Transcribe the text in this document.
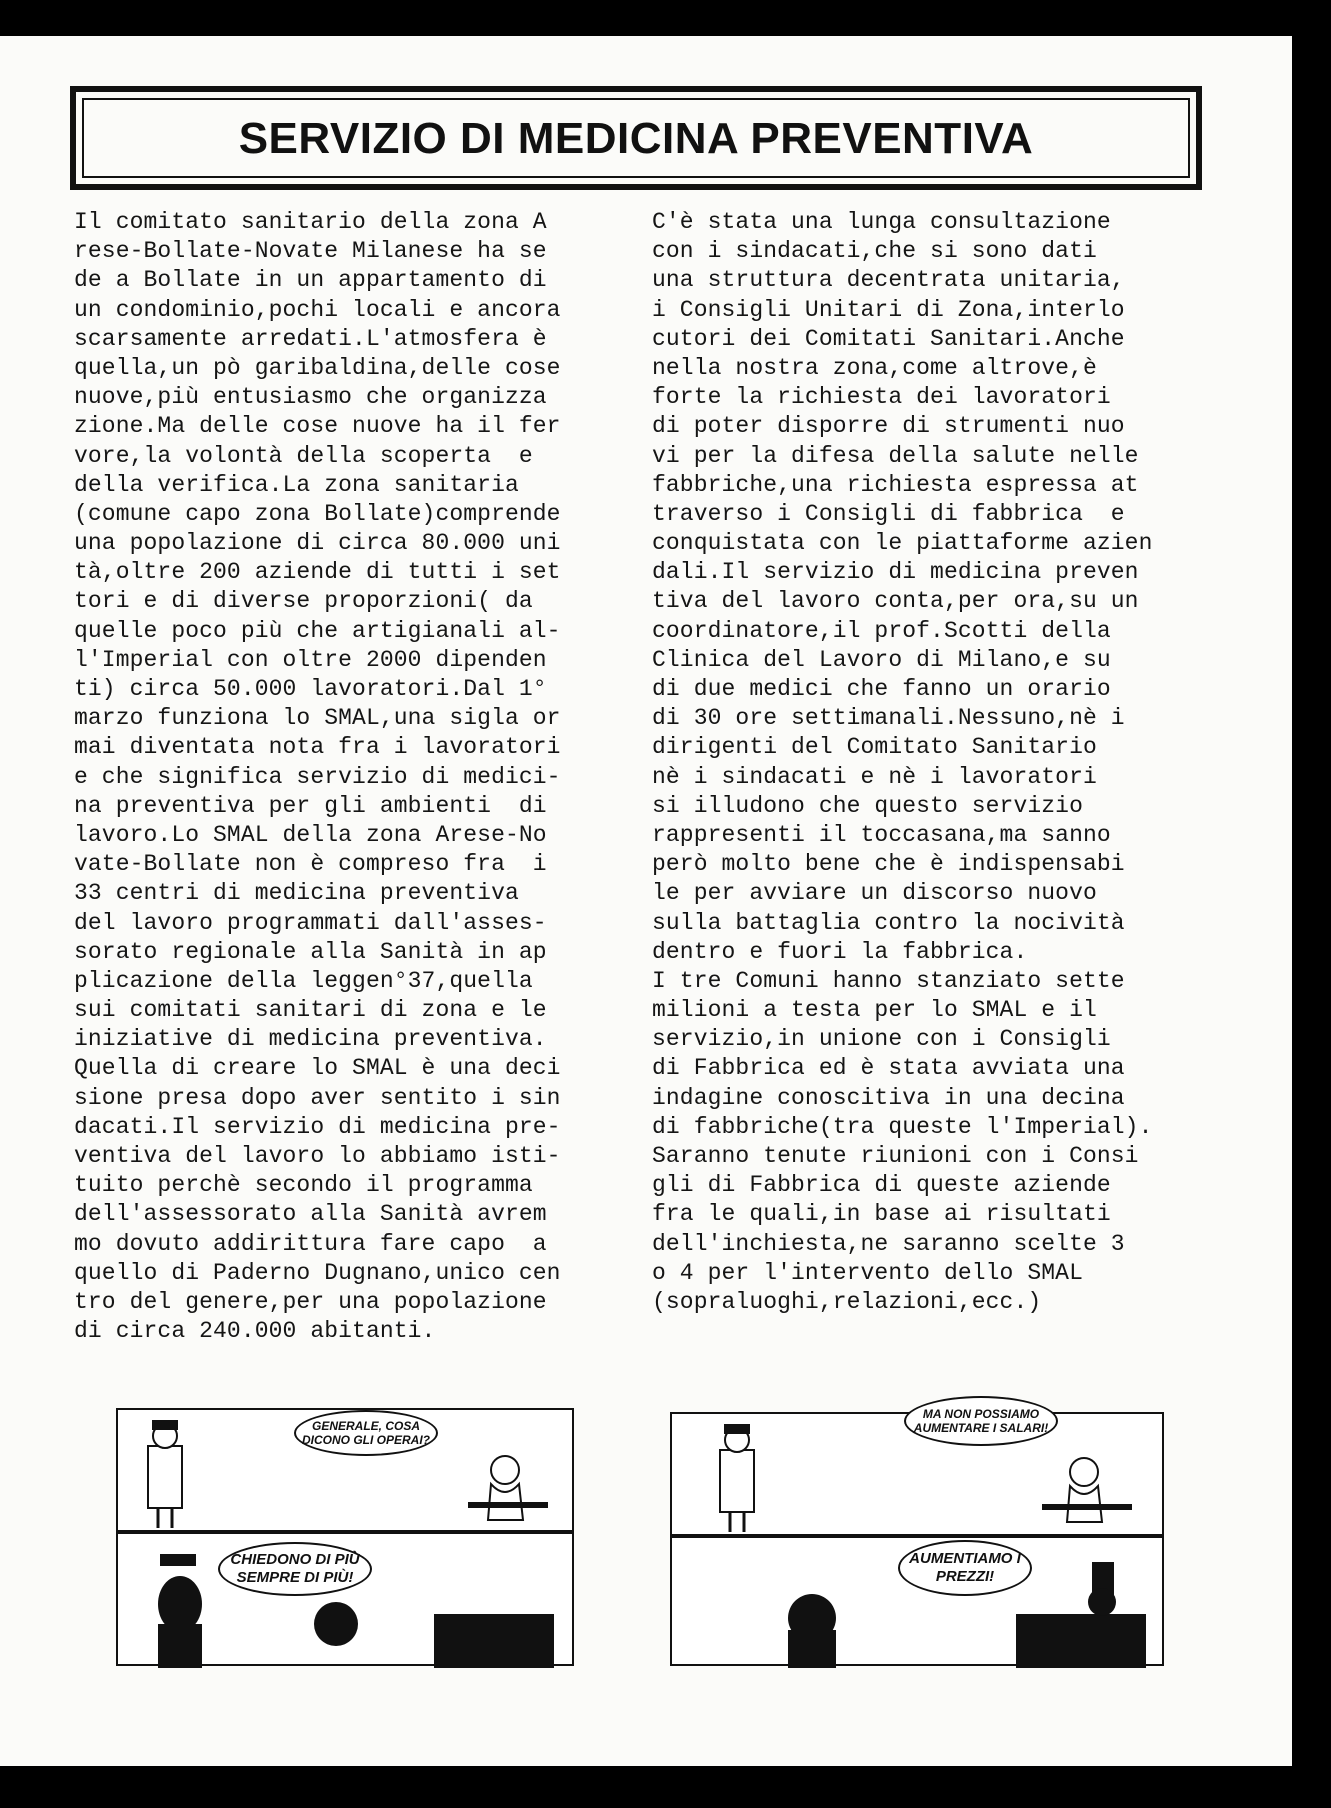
SERVIZIO DI MEDICINA PREVENTIVA
Il comitato sanitario della zona A
rese-Bollate-Novate Milanese ha se
de a Bollate in un appartamento di
un condominio,pochi locali e ancora
scarsamente arredati.L'atmosfera è
quella,un pò garibaldina,delle cose
nuove,più entusiasmo che organizza
zione.Ma delle cose nuove ha il fer
vore,la volontà della scoperta  e
della verifica.La zona sanitaria
(comune capo zona Bollate)comprende
una popolazione di circa 80.000 uni
tà,oltre 200 aziende di tutti i set
tori e di diverse proporzioni( da
quelle poco più che artigianali al-
l'Imperial con oltre 2000 dipenden
ti) circa 50.000 lavoratori.Dal 1°
marzo funziona lo SMAL,una sigla or
mai diventata nota fra i lavoratori
e che significa servizio di medici-
na preventiva per gli ambienti  di
lavoro.Lo SMAL della zona Arese-No
vate-Bollate non è compreso fra  i
33 centri di medicina preventiva
del lavoro programmati dall'asses-
sorato regionale alla Sanità in ap
plicazione della leggen°37,quella
sui comitati sanitari di zona e le
iniziative di medicina preventiva.
Quella di creare lo SMAL è una deci
sione presa dopo aver sentito i sin
dacati.Il servizio di medicina pre-
ventiva del lavoro lo abbiamo isti-
tuito perchè secondo il programma
dell'assessorato alla Sanità avrem
mo dovuto addirittura fare capo  a
quello di Paderno Dugnano,unico cen
tro del genere,per una popolazione
di circa 240.000 abitanti.
C'è stata una lunga consultazione
con i sindacati,che si sono dati
una struttura decentrata unitaria,
i Consigli Unitari di Zona,interlo
cutori dei Comitati Sanitari.Anche
nella nostra zona,come altrove,è
forte la richiesta dei lavoratori
di poter disporre di strumenti nuo
vi per la difesa della salute nelle
fabbriche,una richiesta espressa at
traverso i Consigli di fabbrica  e
conquistata con le piattaforme azien
dali.Il servizio di medicina preven
tiva del lavoro conta,per ora,su un
coordinatore,il prof.Scotti della
Clinica del Lavoro di Milano,e su
di due medici che fanno un orario
di 30 ore settimanali.Nessuno,nè i
dirigenti del Comitato Sanitario
nè i sindacati e nè i lavoratori
si illudono che questo servizio
rappresenti il toccasana,ma sanno
però molto bene che è indispensabi
le per avviare un discorso nuovo
sulla battaglia contro la nocività
dentro e fuori la fabbrica.
I tre Comuni hanno stanziato sette
milioni a testa per lo SMAL e il
servizio,in unione con i Consigli
di Fabbrica ed è stata avviata una
indagine conoscitiva in una decina
di fabbriche(tra queste l'Imperial).
Saranno tenute riunioni con i Consi
gli di Fabbrica di queste aziende
fra le quali,in base ai risultati
dell'inchiesta,ne saranno scelte 3
o 4 per l'intervento dello SMAL
(sopraluoghi,relazioni,ecc.)
GENERALE, COSA DICONO GLI OPERAI?
CHIEDONO DI PIÙ SEMPRE DI PIÙ!
MA NON POSSIAMO AUMENTARE I SALARI!
AUMENTIAMO I PREZZI!
